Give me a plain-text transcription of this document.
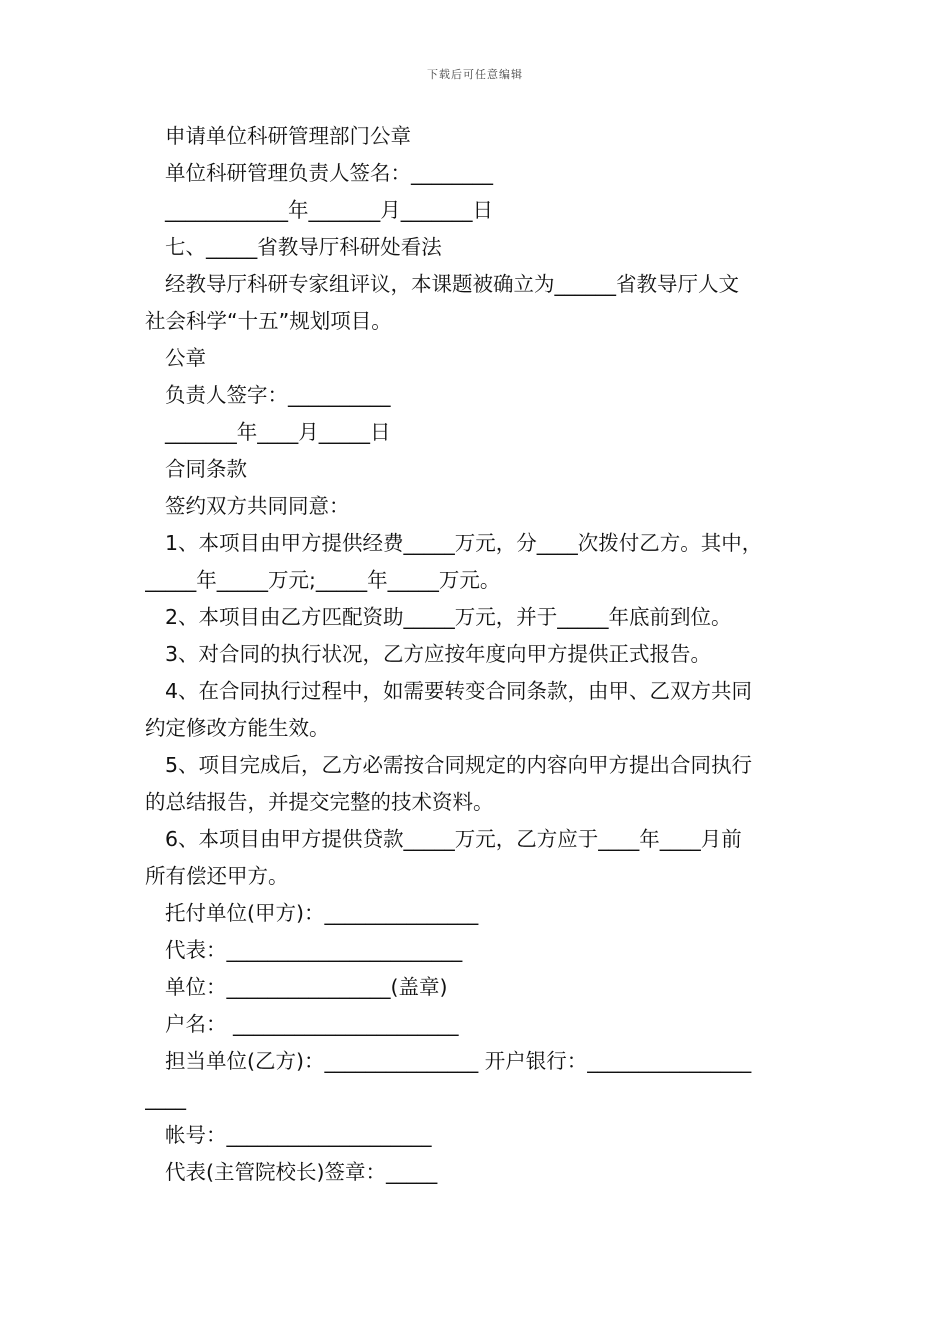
下载后可任意编辑

申请单位科研管理部门公章

单位科研管理负责人签名：________

____________年_______月_______日

七、_____省教导厅科研处看法

经教导厅科研专家组评议，本课题被确立为______省教导厅人文

社会科学“十五”规划项目。

公章

负责人签字：__________

_______年____月_____日

合同条款

签约双方共同同意：

1、本项目由甲方提供经费_____万元，分____次拨付乙方。其中，

_____年_____万元;_____年_____万元。

2、本项目由乙方匹配资助_____万元，并于_____年底前到位。

3、对合同的执行状况，乙方应按年度向甲方提供正式报告。

4、在合同执行过程中，如需要转变合同条款，由甲、乙双方共同

约定修改方能生效。

5、项目完成后，乙方必需按合同规定的内容向甲方提出合同执行

的总结报告，并提交完整的技术资料。

6、本项目由甲方提供贷款_____万元，乙方应于____年____月前

所有偿还甲方。

托付单位(甲方)：_______________

代表：_______________________

单位：________________(盖章)

户名： ______________________

担当单位(乙方)：_______________ 开户银行：________________

____

帐号：____________________

代表(主管院校长)签章：_____
